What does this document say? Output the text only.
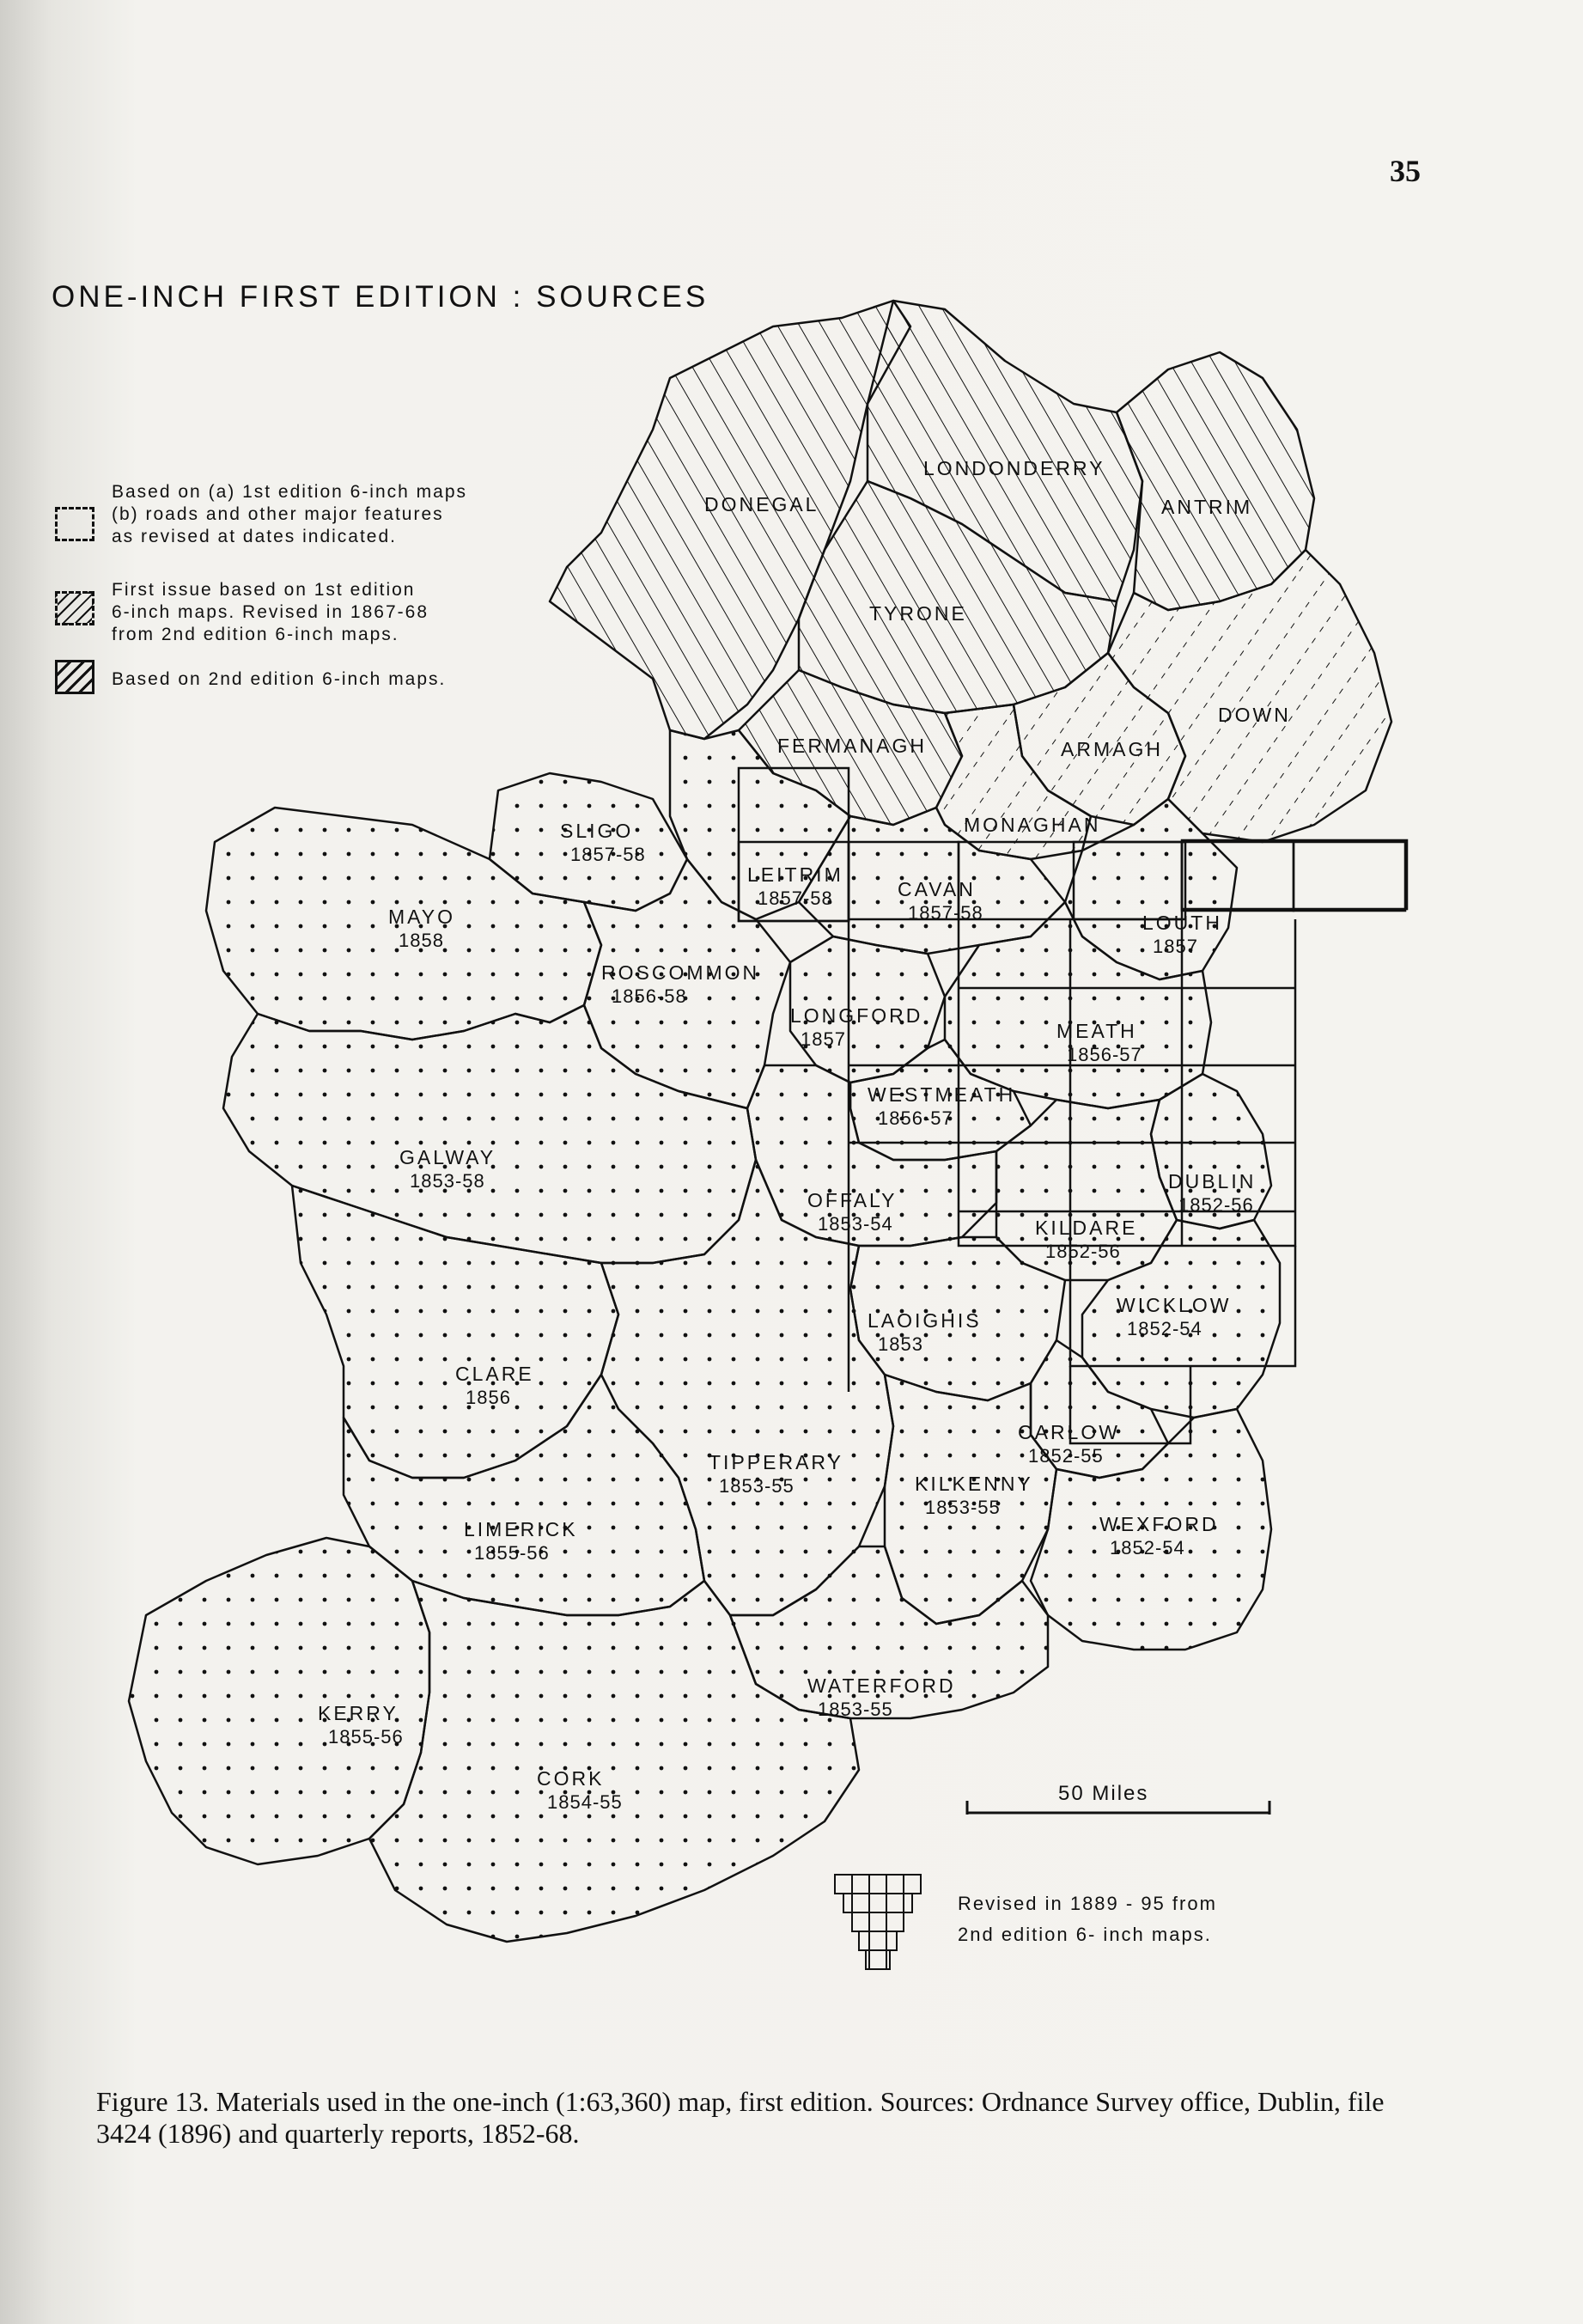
35
ONE-INCH FIRST EDITION : SOURCES
Based on (a) 1st edition 6-inch maps
(b) roads and other major features
as revised at dates indicated.
First issue based on 1st edition
6-inch maps. Revised in 1867-68
from 2nd edition 6-inch maps.
Based on 2nd edition 6-inch maps.
DONEGAL
LONDONDERRY
ANTRIM
TYRONE
FERMANAGH	ARMAGH
DOWN
MONAGHAN
LEITRIM
1857-58
SLIGO
1857-58
MAYO
1858
CAVAN
1857-58
ROSCOMMON
1856-58
LOUTH
1857
LONGFORD
1857	MEATH
1856-57
WESTMEATH
1856-57
GALWAY
1853-58
OFFALY
1853-54
DUBLIN
1852-56
KILDARE
1852-56
LAOIGHIS
1853
WICKLOW
1852-54
CLARE
1856
CARLOW
1852-55
TIPPERARY
1853-55	KILKENNY
1853-55
WEXFORD
1852-54
LIMERICK
1855-56
WATERFORD
1853-55
KERRY
1855-56
CORK
1854-55	50 Miles
Revised in 1889 - 95 from
2nd edition 6- inch maps.
Figure 13. Materials used in the one-inch (1:63,360) map, first edition. Sources: Ordnance Survey office, Dublin, file 3424 (1896) and quarterly reports, 1852-68.
